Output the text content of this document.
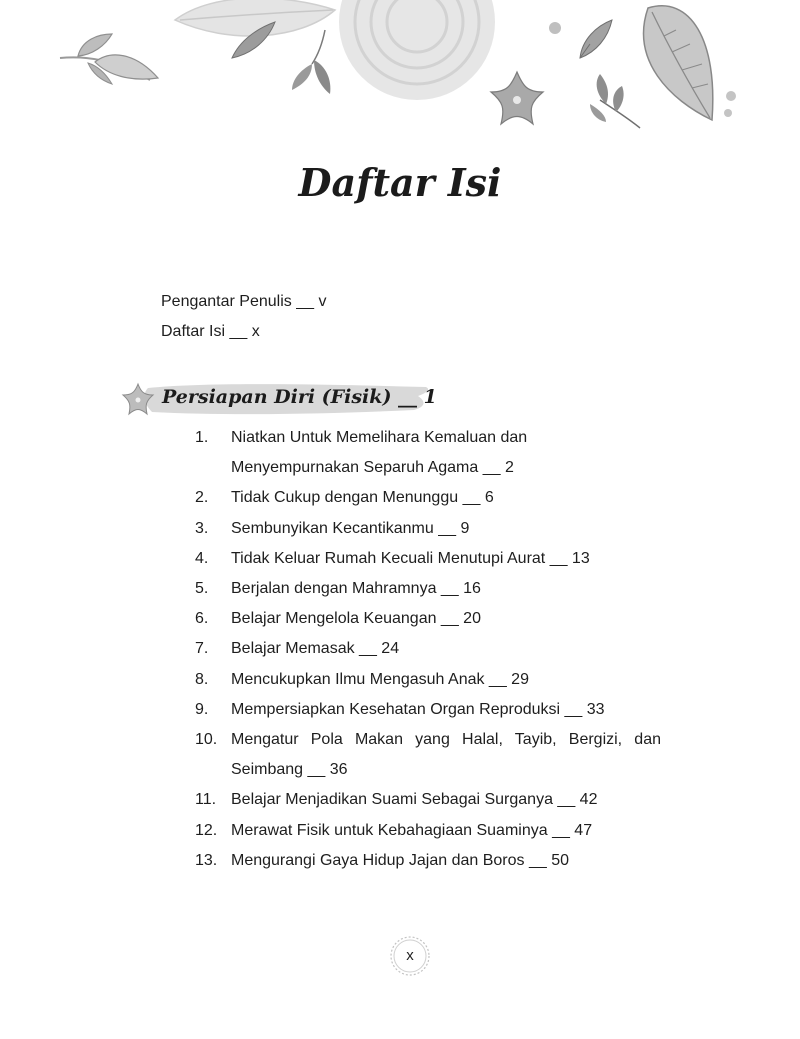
Daftar Isi
Pengantar Penulis __ v
Daftar Isi __ x
Persiapan Diri (Fisik) __ 1
1.	Niatkan Untuk Memelihara Kemaluan dan Menyempurnakan Separuh Agama __ 2
2.	Tidak Cukup dengan Menunggu __ 6
3.	Sembunyikan Kecantikanmu __ 9
4.	Tidak Keluar Rumah Kecuali Menutupi Aurat __ 13
5.	Berjalan dengan Mahramnya __ 16
6.	Belajar Mengelola Keuangan __ 20
7.	Belajar Memasak __ 24
8.	Mencukupkan Ilmu Mengasuh Anak __ 29
9.	Mempersiapkan Kesehatan Organ Reproduksi __ 33
10. Mengatur Pola Makan yang Halal, Tayib, Bergizi, dan Seimbang __ 36
11. Belajar Menjadikan Suami Sebagai Surganya __ 42
12. Merawat Fisik untuk Kebahagiaan Suaminya __ 47
13. Mengurangi Gaya Hidup Jajan dan Boros __ 50
x
